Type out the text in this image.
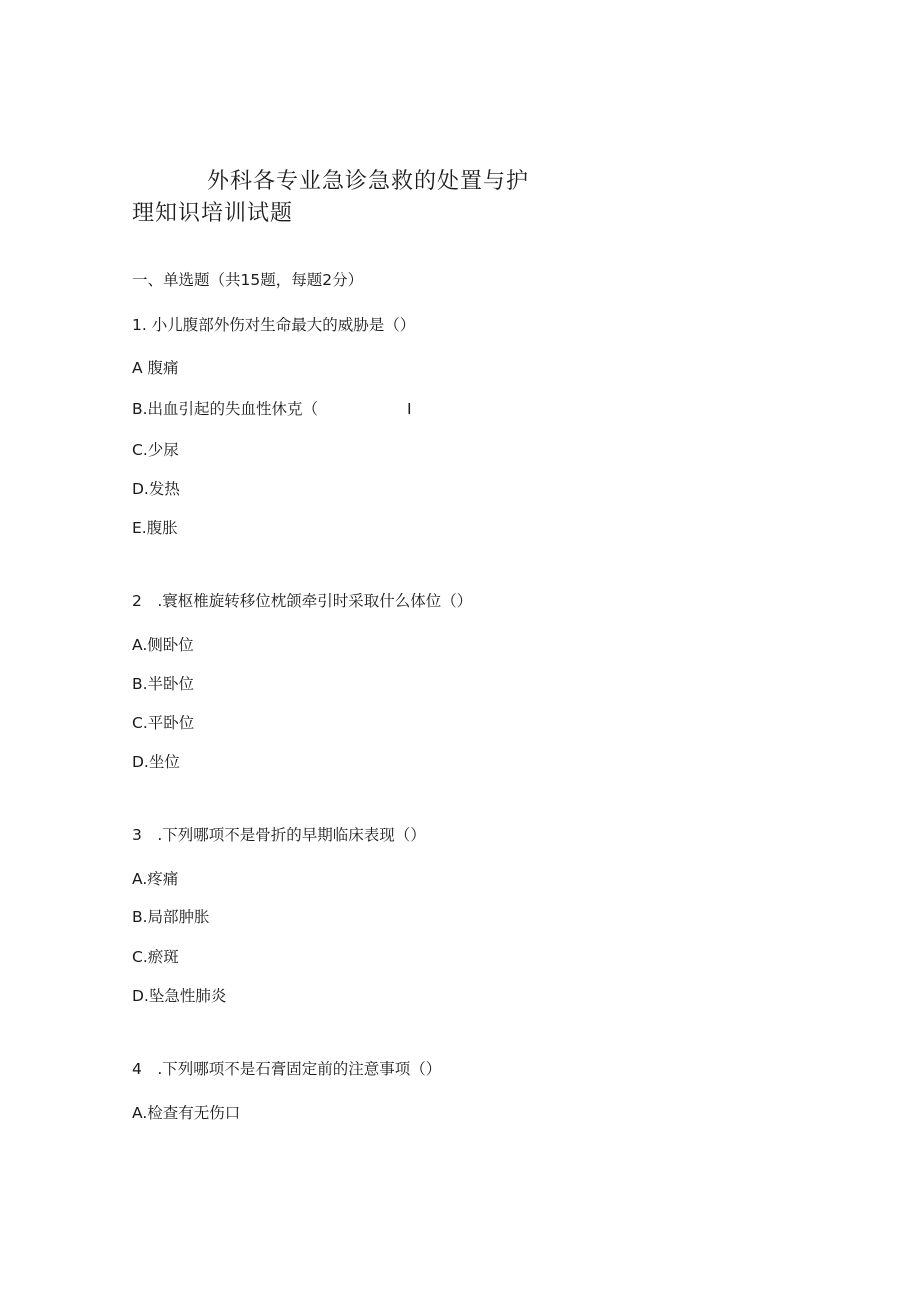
外科各专业急诊急救的处置与护
理知识培训试题
一、单选题（共15题，每题2分）
1. 小儿腹部外伤对生命最大的威胁是（）
A 腹痛
B.出血引起的失血性休克（	I
C.少尿
D.发热
E.腹胀
2　.寰枢椎旋转移位枕颌牵引时采取什么体位（）
A.侧卧位
B.半卧位
C.平卧位
D.坐位
3　.下列哪项不是骨折的早期临床表现（）
A.疼痛
B.局部肿胀
C.瘀斑
D.坠急性肺炎
4　.下列哪项不是石膏固定前的注意事项（）
A.检查有无伤口
